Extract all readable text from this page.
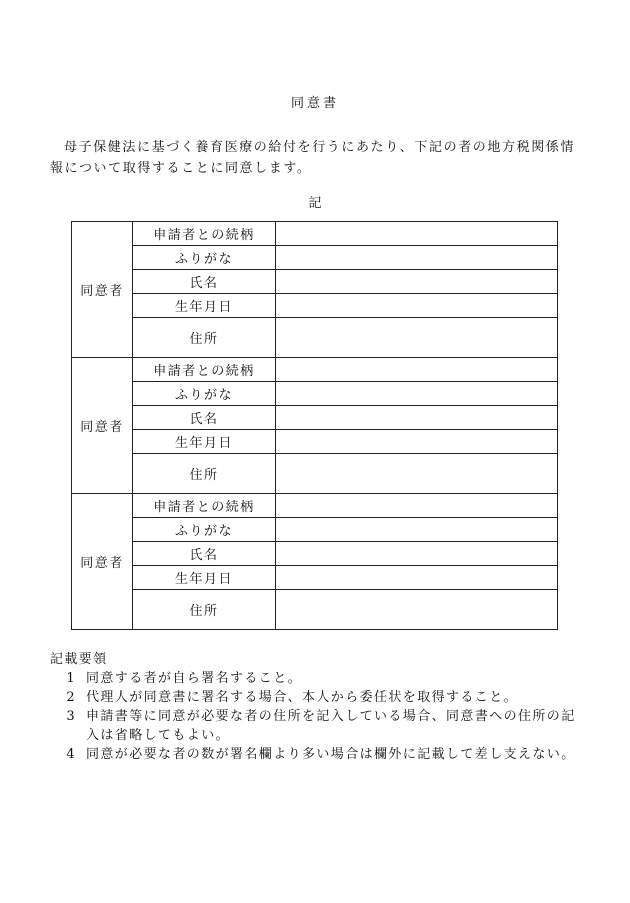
同意書

母子保健法に基づく養育医療の給付を行うにあたり、下記の者の地方税関係情報について取得することに同意します。

記
同意者	申請者との続柄	
	ふりがな	
	氏名	
	生年月日	
	住所	
同意者	申請者との続柄	
	ふりがな	
	氏名	
	生年月日	
	住所	
同意者	申請者との続柄	
	ふりがな	
	氏名	
	生年月日	
	住所	

記載要領

1 同意する者が自ら署名すること。
2 代理人が同意書に署名する場合、本人から委任状を取得すること。
3 申請書等に同意が必要な者の住所を記入している場合、同意書への住所の記入は省略してもよい。
4 同意が必要な者の数が署名欄より多い場合は欄外に記載して差し支えない。
